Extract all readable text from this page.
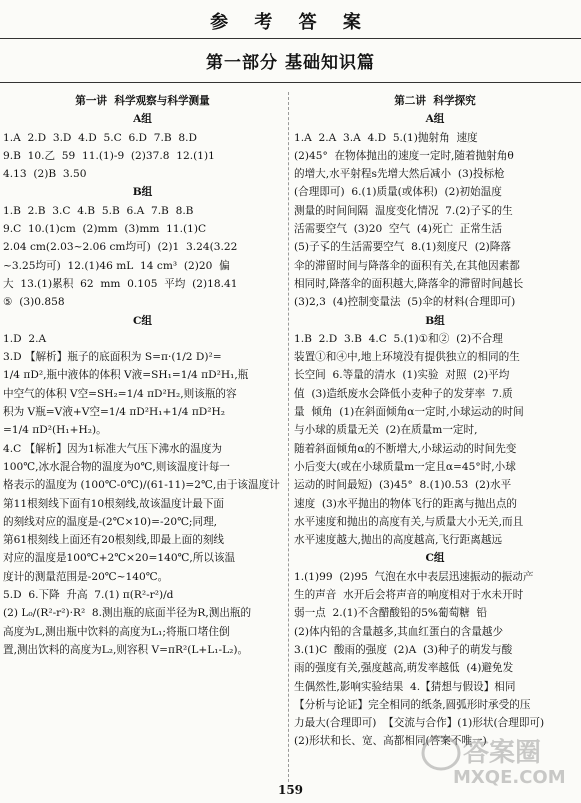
参 考 答 案
第一部分 基础知识篇
第一讲  科学观察与科学测量
A组
1.A  2.D  3.D  4.D  5.C  6.D  7.B  8.D
9.B  10.乙  59  11.(1)-9  (2)37.8  12.(1)1
4.13  (2)B  3.50
B组
1.B  2.B  3.C  4.B  5.B  6.A  7.B  8.B
9.C  10.(1)cm  (2)mm  (3)mm  11.(1)C
2.04 cm(2.03~2.06 cm均可)  (2)1  3.24(3.22
~3.25均可)  12.(1)46 mL  14 cm³  (2)20  偏
大  13.(1)累积  62  mm  0.105  平均  (2)18.41
⑤  (3)0.858
C组
1.D  2.A
3.D 【解析】瓶子的底面积为 S=π·(1/2 D)²=
1/4 πD²,瓶中液体的体积 V液=SH₁=1/4 πD²H₁,瓶
中空气的体积 V空=SH₂=1/4 πD²H₂,则该瓶的容
积为 V瓶=V液+V空=1/4 πD²H₁+1/4 πD²H₂
=1/4 πD²(H₁+H₂)。
4.C 【解析】因为1标准大气压下沸水的温度为
100℃,冰水混合物的温度为0℃,则该温度计每一
格表示的温度为 (100℃-0℃)/(61-11)=2℃,由于该温度计
第11根刻线下面有10根刻线,故该温度计最下面
的刻线对应的温度是-(2℃×10)=-20℃;同理,
第61根刻线上面还有20根刻线,即最上面的刻线
对应的温度是100℃+2℃×20=140℃,所以该温
度计的测量范围是-20℃~140℃。
5.D  6.下降  升高  7.(1) π(R²-r²)/d
(2) L₀/(R²-r²)·R²  8.测出瓶的底面半径为R,测出瓶的
高度为L,测出瓶中饮料的高度为L₁;将瓶口堵住倒
置,测出饮料的高度为L₂,则容积 V=πR²(L+L₁-L₂)。
第二讲  科学探究
A组
1.A  2.A  3.A  4.D  5.(1)抛射角  速度
(2)45°  在物体抛出的速度一定时,随着抛射角θ
的增大,水平射程s先增大然后减小  (3)投标枪
(合理即可)  6.(1)质量(或体积)  (2)初始温度
测量的时间间隔  温度变化情况  7.(2)子孓的生
活需要空气  (3)20  空气  (4)死亡  正常生活
(5)子孓的生活需要空气  8.(1)刻度尺  (2)降落
伞的滞留时间与降落伞的面积有关,在其他因素都
相同时,降落伞的面积越大,降落伞的滞留时间越长
(3)2,3  (4)控制变量法  (5)伞的材料(合理即可)
B组
1.B  2.D  3.B  4.C  5.(1)①和②  (2)不合理
装置①和④中,地上环境没有提供独立的相同的生
长空间  6.等量的清水  (1)实验  对照  (2)平均
值  (3)造纸废水会降低小麦种子的发芽率  7.质
量  倾角  (1)在斜面倾角α一定时,小球运动的时间
与小球的质量无关  (2)在质量m一定时,
随着斜面倾角α的不断增大,小球运动的时间先变
小后变大(或在小球质量m一定且α=45°时,小球
运动的时间最短)  (3)45°  8.(1)0.53  (2)水平
速度  (3)水平抛出的物体飞行的距离与抛出点的
水平速度和抛出的高度有关,与质量大小无关,而且
水平速度越大,抛出的高度越高,飞行距离越远
C组
1.(1)99  (2)95  气泡在水中表层迅速振动的振动产
生的声音  水开后会将声音的响度相对于水未开时
弱一点  2.(1)不含醋酸铅的5%葡萄糖  铅
(2)体内铅的含量越多,其血红蛋白的含量越少
3.(1)C  酸雨的强度  (2)A  (3)种子的萌发与酸
雨的强度有关,强度越高,萌发率越低  (4)避免发
生偶然性,影响实验结果  4.【猜想与假设】相同
【分析与论证】完全相同的纸条,圆弧形时承受的压
力最大(合理即可)  【交流与合作】(1)形状(合理即可)
(2)形状和长、宽、高都相同(答案不唯一)
159
答案圈
MXQE.COM
